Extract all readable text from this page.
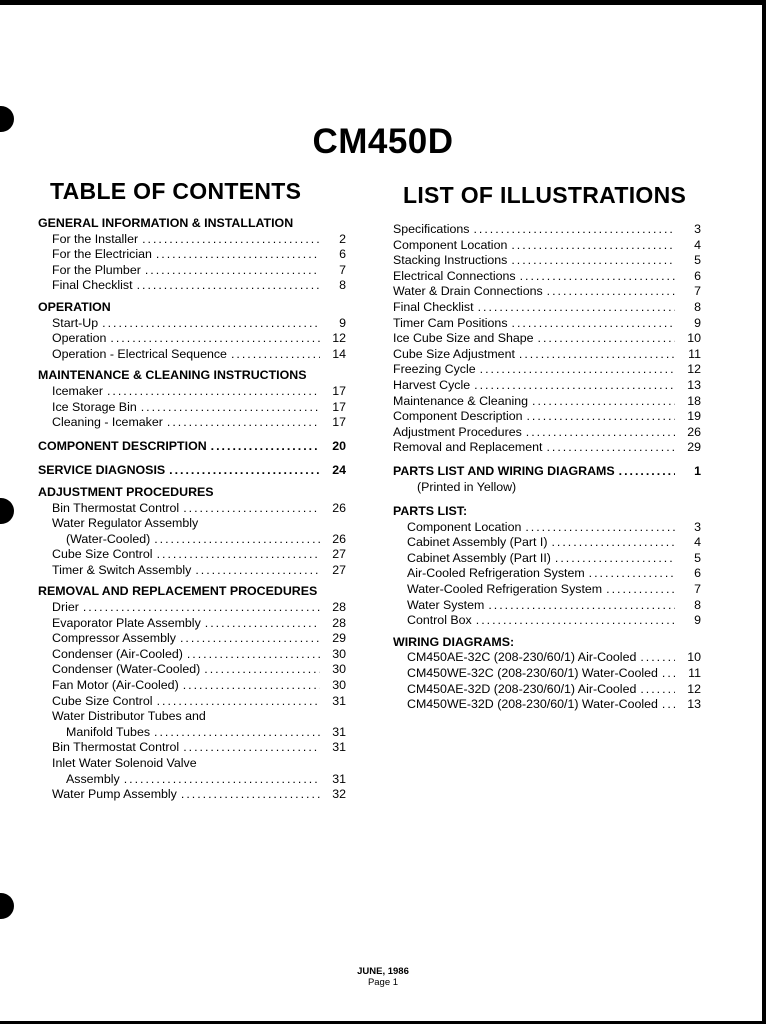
CM450D
TABLE OF CONTENTS
GENERAL INFORMATION & INSTALLATION
For the Installer .....	2
For the Electrician .....	6
For the Plumber .....	7
Final Checklist .....	8
OPERATION
Start-Up .....	9
Operation .....	12
Operation - Electrical Sequence .....	14
MAINTENANCE & CLEANING INSTRUCTIONS
Icemaker .....	17
Ice Storage Bin .....	17
Cleaning - Icemaker .....	17
COMPONENT DESCRIPTION .....	20
SERVICE DIAGNOSIS .....	24
ADJUSTMENT PROCEDURES
Bin Thermostat Control .....	26
Water Regulator Assembly
(Water-Cooled) .....	26
Cube Size Control .....	27
Timer & Switch Assembly .....	27
REMOVAL AND REPLACEMENT PROCEDURES
Drier .....	28
Evaporator Plate Assembly .....	28
Compressor Assembly .....	29
Condenser (Air-Cooled) .....	30
Condenser (Water-Cooled) .....	30
Fan Motor (Air-Cooled) .....	30
Cube Size Control .....	31
Water Distributor Tubes and
Manifold Tubes .....	31
Bin Thermostat Control .....	31
Inlet Water Solenoid Valve
Assembly .....	31
Water Pump Assembly .....	32
LIST OF ILLUSTRATIONS
Specifications .....	3
Component Location .....	4
Stacking Instructions .....	5
Electrical Connections .....	6
Water & Drain Connections .....	7
Final Checklist .....	8
Timer Cam Positions .....	9
Ice Cube Size and Shape .....	10
Cube Size Adjustment .....	11
Freezing Cycle .....	12
Harvest Cycle .....	13
Maintenance & Cleaning .....	18
Component Description .....	19
Adjustment Procedures .....	26
Removal and Replacement .....	29
PARTS LIST AND WIRING DIAGRAMS .....	1
(Printed in Yellow)
PARTS LIST:
Component Location .....	3
Cabinet Assembly (Part I) .....	4
Cabinet Assembly (Part II) .....	5
Air-Cooled Refrigeration System .....	6
Water-Cooled Refrigeration System .....	7
Water System .....	8
Control Box .....	9
WIRING DIAGRAMS:
CM450AE-32C (208-230/60/1) Air-Cooled .....	10
CM450WE-32C (208-230/60/1) Water-Cooled .....	11
CM450AE-32D (208-230/60/1) Air-Cooled .....	12
CM450WE-32D (208-230/60/1) Water-Cooled .....	13
JUNE, 1986
Page 1
